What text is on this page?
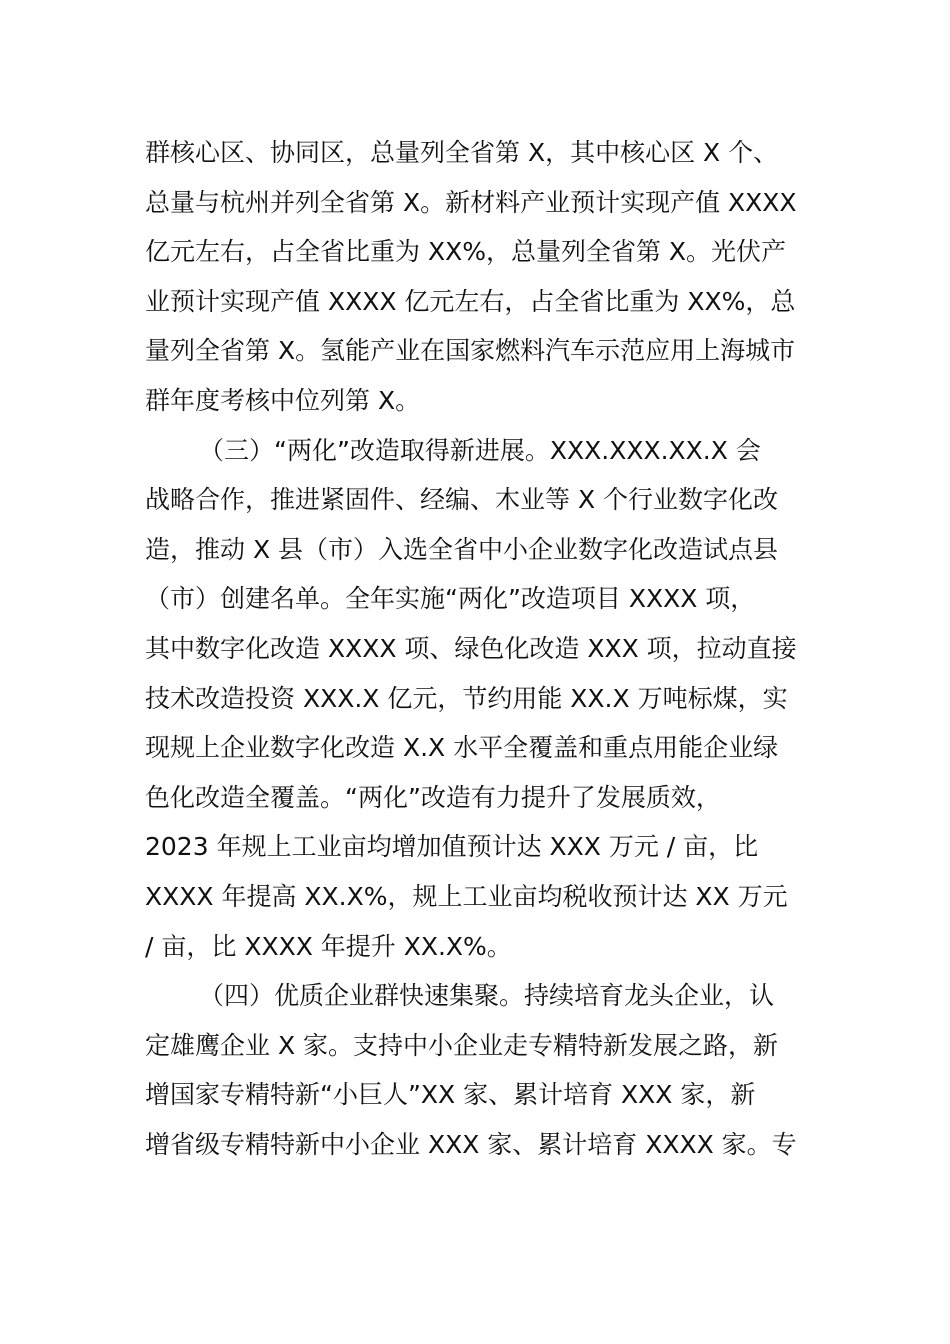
群核心区、协同区，总量列全省第 X，其中核心区 X 个、
总量与杭州并列全省第 X。新材料产业预计实现产值 XXXX
亿元左右，占全省比重为 XX%，总量列全省第 X。光伏产
业预计实现产值 XXXX 亿元左右，占全省比重为 XX%，总
量列全省第 X。氢能产业在国家燃料汽车示范应用上海城市
群年度考核中位列第 X。
（三）“两化”改造取得新进展。XXX.XXX.XX.X 会
战略合作，推进紧固件、经编、木业等 X 个行业数字化改
造，推动 X 县（市）入选全省中小企业数字化改造试点县
（市）创建名单。全年实施“两化”改造项目 XXXX 项，
其中数字化改造 XXXX 项、绿色化改造 XXX 项，拉动直接
技术改造投资 XXX.X 亿元，节约用能 XX.X 万吨标煤，实
现规上企业数字化改造 X.X 水平全覆盖和重点用能企业绿
色化改造全覆盖。“两化”改造有力提升了发展质效，
2023 年规上工业亩均增加值预计达 XXX 万元 / 亩，比
XXXX 年提高 XX.X%，规上工业亩均税收预计达 XX 万元
/ 亩，比 XXXX 年提升 XX.X%。
（四）优质企业群快速集聚。持续培育龙头企业，认
定雄鹰企业 X 家。支持中小企业走专精特新发展之路，新
增国家专精特新“小巨人”XX 家、累计培育 XXX 家，新
增省级专精特新中小企业 XXX 家、累计培育 XXXX 家。专
